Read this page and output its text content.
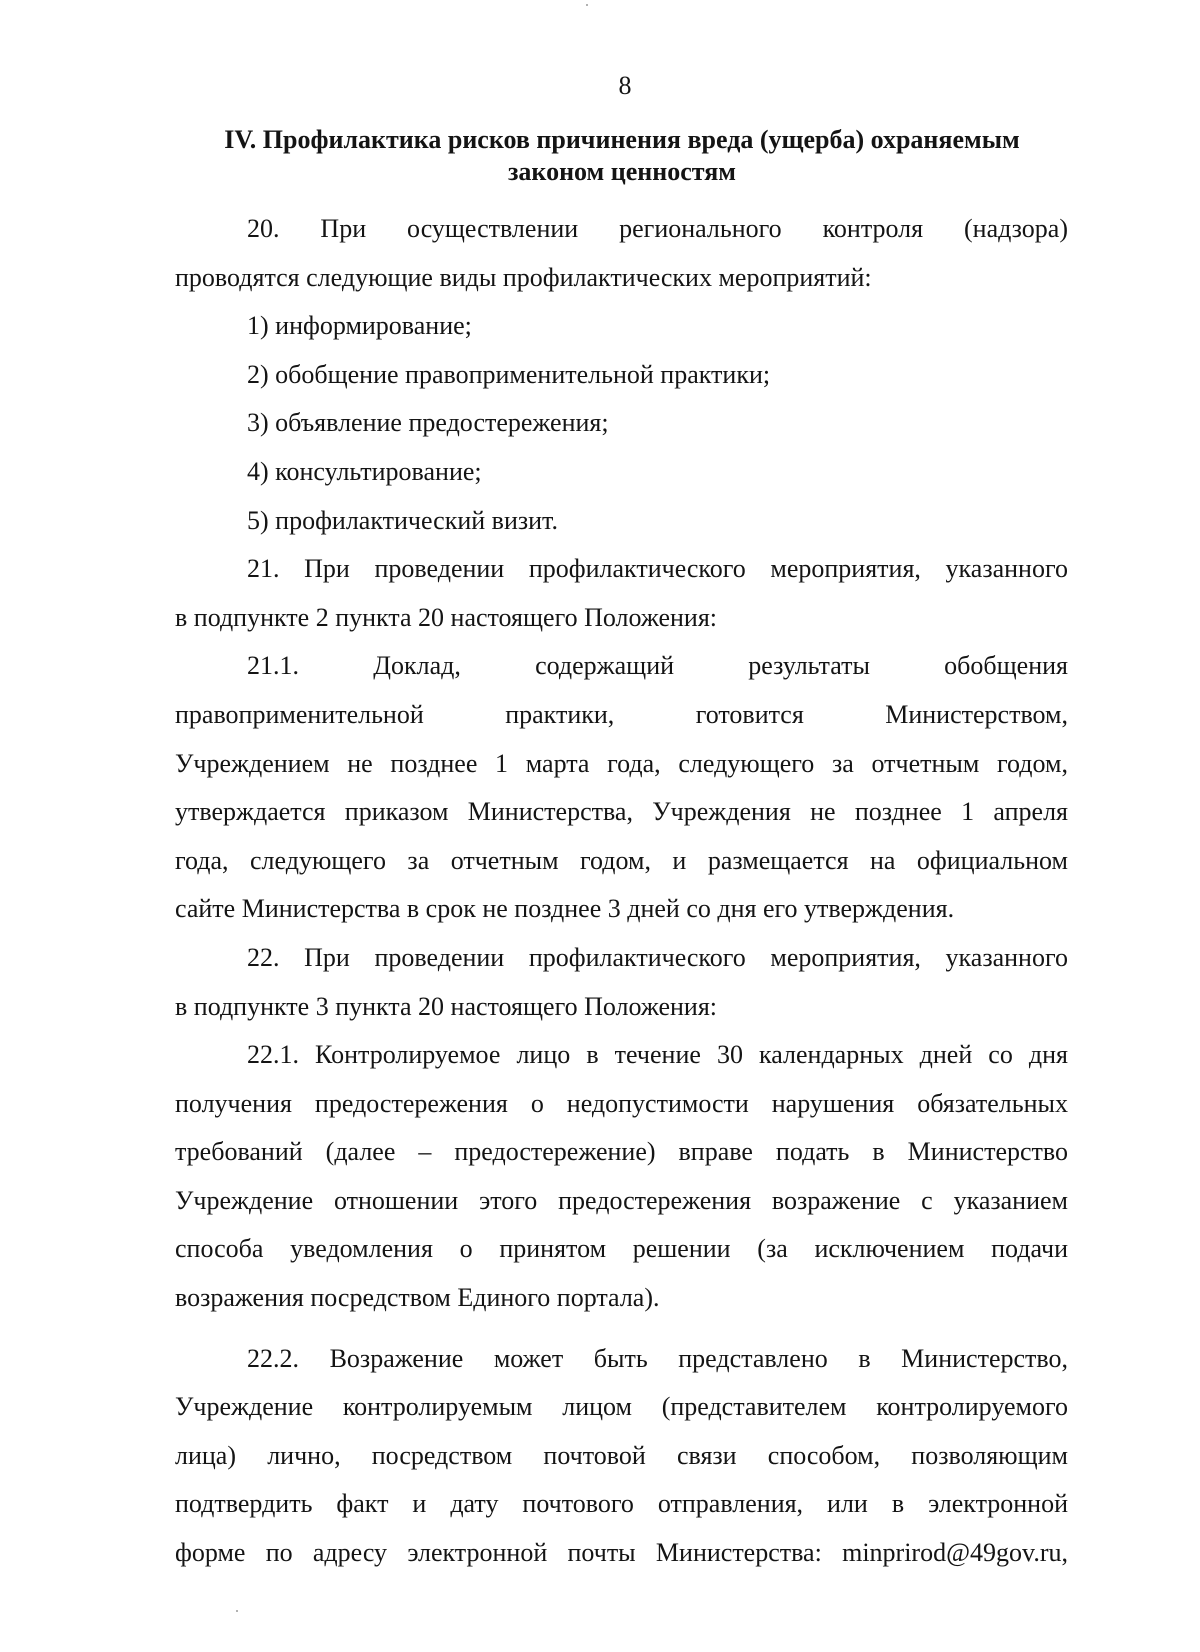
8
IV. Профилактика рисков причинения вреда (ущерба) охраняемым
законом ценностям
20. При осуществлении регионального контроля (надзора)
проводятся следующие виды профилактических мероприятий:
1) информирование;
2) обобщение правоприменительной практики;
3) объявление предостережения;
4) консультирование;
5) профилактический визит.
21. При проведении профилактического мероприятия, указанного
в подпункте 2 пункта 20 настоящего Положения:
21.1. Доклад, содержащий результаты обобщения
правоприменительной практики, готовится Министерством,
Учреждением не позднее 1 марта года, следующего за отчетным годом,
утверждается приказом Министерства, Учреждения не позднее 1 апреля
года, следующего за отчетным годом, и размещается на официальном
сайте Министерства в срок не позднее 3 дней со дня его утверждения.
22. При проведении профилактического мероприятия, указанного
в подпункте 3 пункта 20 настоящего Положения:
22.1. Контролируемое лицо в течение 30 календарных дней со дня
получения предостережения о недопустимости нарушения обязательных
требований (далее – предостережение) вправе подать в Министерство
Учреждение отношении этого предостережения возражение с указанием
способа уведомления о принятом решении (за исключением подачи
возражения посредством Единого портала).
22.2. Возражение может быть представлено в Министерство,
Учреждение контролируемым лицом (представителем контролируемого
лица) лично, посредством почтовой связи способом, позволяющим
подтвердить факт и дату почтового отправления, или в электронной
форме по адресу электронной почты Министерства: minprirod@49gov.ru,
